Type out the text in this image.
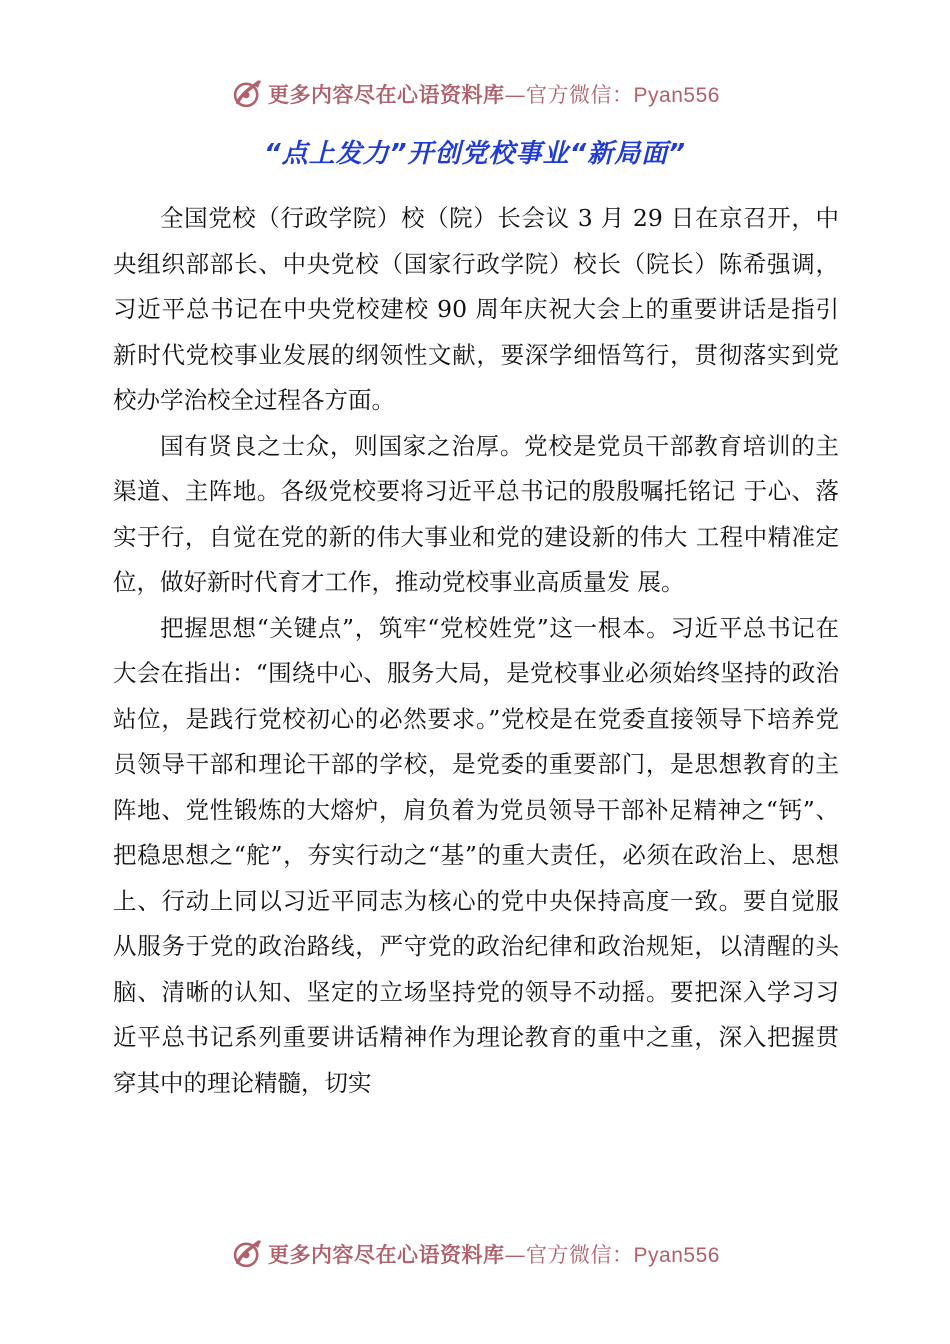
更多内容尽在心语资料库—官方微信：Pyan556
“点上发力”开创党校事业“新局面”

全国党校（行政学院）校（院）长会议 3 月 29 日在京召开，中央组织部部长、中央党校（国家行政学院）校长（院长）陈希强调，习近平总书记在中央党校建校 90 周年庆祝大会上的重要讲话是指引新时代党校事业发展的纲领性文献，要深学细悟笃行，贯彻落实到党校办学治校全过程各方面。

国有贤良之士众，则国家之治厚。党校是党员干部教育培训的主渠道、主阵地。各级党校要将习近平总书记的殷殷嘱托铭记 于心、落实于行，自觉在党的新的伟大事业和党的建设新的伟大 工程中精准定位，做好新时代育才工作，推动党校事业高质量发 展。

把握思想“关键点”，筑牢“党校姓党”这一根本。习近平总书记在大会在指出：“围绕中心、服务大局，是党校事业必须始终坚持的政治站位，是践行党校初心的必然要求。”党校是在党委直接领导下培养党员领导干部和理论干部的学校，是党委的重要部门，是思想教育的主阵地、党性锻炼的大熔炉，肩负着为党员领导干部补足精神之“钙”、把稳思想之“舵”，夯实行动之“基”的重大责任，必须在政治上、思想上、行动上同以习近平同志为核心的党中央保持高度一致。要自觉服从服务于党的政治路线，严守党的政治纪律和政治规矩，以清醒的头脑、清晰的认知、坚定的立场坚持党的领导不动摇。要把深入学习习近平总书记系列重要讲话精神作为理论教育的重中之重，深入把握贯穿其中的理论精髓，切实

更多内容尽在心语资料库—官方微信：Pyan556
